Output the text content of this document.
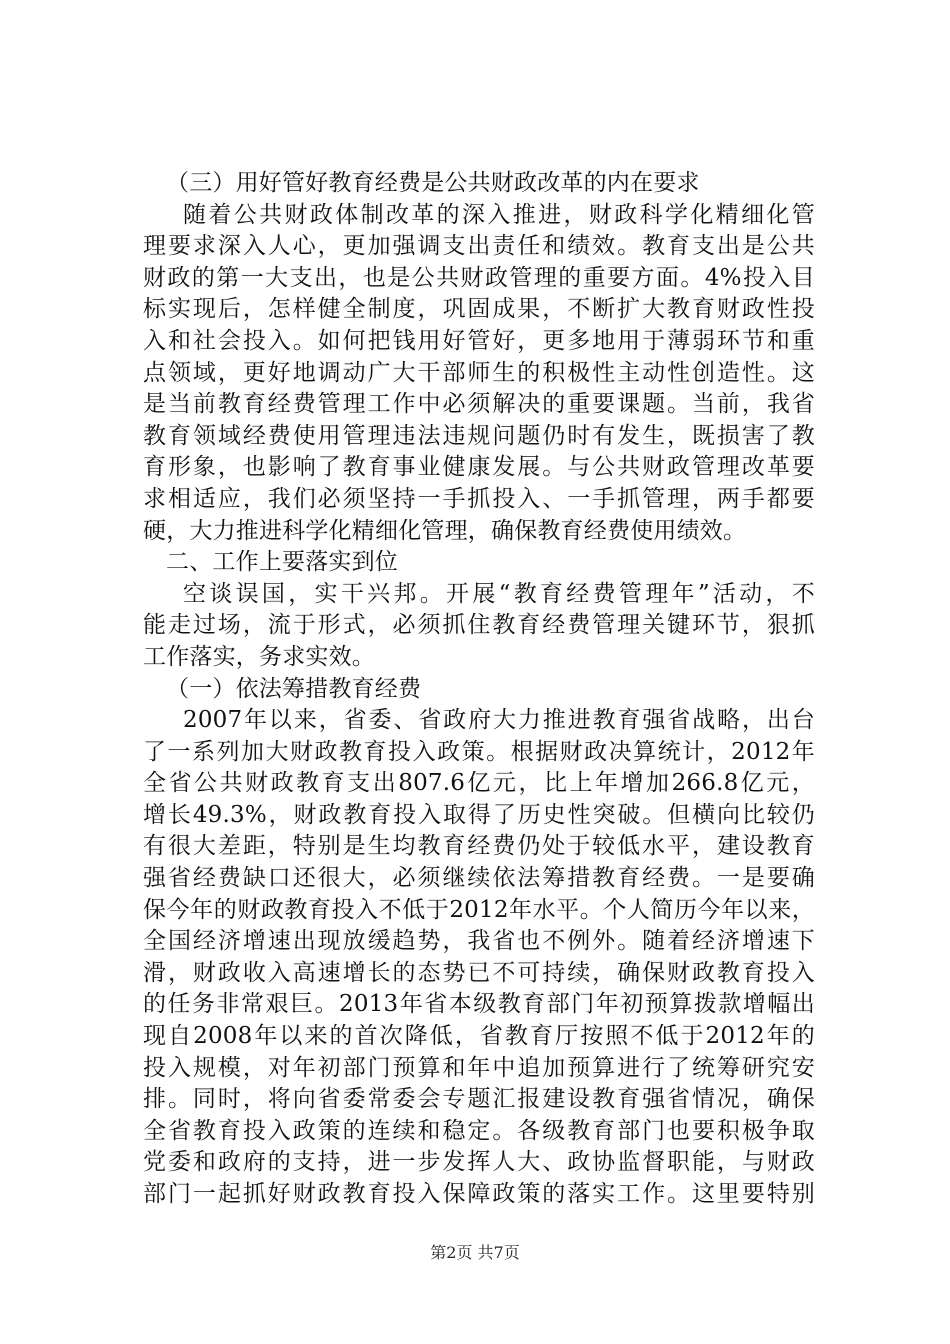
（三）用好管好教育经费是公共财政改革的内在要求
随着公共财政体制改革的深入推进，财政科学化精细化管
理要求深入人心，更加强调支出责任和绩效。教育支出是公共
财政的第一大支出，也是公共财政管理的重要方面。4%投入目
标实现后，怎样健全制度，巩固成果，不断扩大教育财政性投
入和社会投入。如何把钱用好管好，更多地用于薄弱环节和重
点领域，更好地调动广大干部师生的积极性主动性创造性。这
是当前教育经费管理工作中必须解决的重要课题。当前，我省
教育领域经费使用管理违法违规问题仍时有发生，既损害了教
育形象，也影响了教育事业健康发展。与公共财政管理改革要
求相适应，我们必须坚持一手抓投入、一手抓管理，两手都要
硬，大力推进科学化精细化管理，确保教育经费使用绩效。
二、工作上要落实到位
空谈误国，实干兴邦。开展“教育经费管理年”活动，不
能走过场，流于形式，必须抓住教育经费管理关键环节，狠抓
工作落实，务求实效。
（一）依法筹措教育经费
2007年以来，省委、省政府大力推进教育强省战略，出台
了一系列加大财政教育投入政策。根据财政决算统计，2012年
全省公共财政教育支出807.6亿元，比上年增加266.8亿元，
增长49.3%，财政教育投入取得了历史性突破。但横向比较仍
有很大差距，特别是生均教育经费仍处于较低水平，建设教育
强省经费缺口还很大，必须继续依法筹措教育经费。一是要确
保今年的财政教育投入不低于2012年水平。个人简历今年以来，
全国经济增速出现放缓趋势，我省也不例外。随着经济增速下
滑，财政收入高速增长的态势已不可持续，确保财政教育投入
的任务非常艰巨。2013年省本级教育部门年初预算拨款增幅出
现自2008年以来的首次降低，省教育厅按照不低于2012年的
投入规模，对年初部门预算和年中追加预算进行了统筹研究安
排。同时，将向省委常委会专题汇报建设教育强省情况，确保
全省教育投入政策的连续和稳定。各级教育部门也要积极争取
党委和政府的支持，进一步发挥人大、政协监督职能，与财政
部门一起抓好财政教育投入保障政策的落实工作。这里要特别
第2页 共7页
